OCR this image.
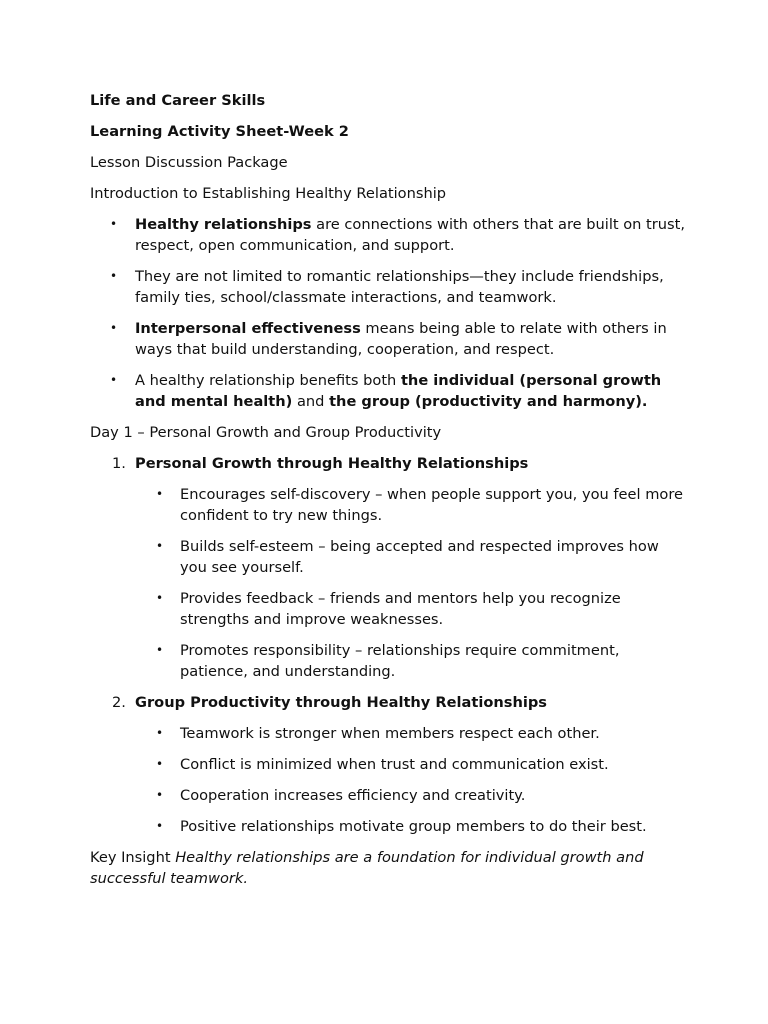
Life and Career Skills

Learning Activity Sheet-Week 2

Lesson Discussion Package

Introduction to Establishing Healthy Relationship

• Healthy relationships are connections with others that are built on trust, respect, open communication, and support.
• They are not limited to romantic relationships—they include friendships, family ties, school/classmate interactions, and teamwork.
• Interpersonal effectiveness means being able to relate with others in ways that build understanding, cooperation, and respect.
• A healthy relationship benefits both the individual (personal growth and mental health) and the group (productivity and harmony).

Day 1 – Personal Growth and Group Productivity

1. Personal Growth through Healthy Relationships
• Encourages self-discovery – when people support you, you feel more confident to try new things.
• Builds self-esteem – being accepted and respected improves how you see yourself.
• Provides feedback – friends and mentors help you recognize strengths and improve weaknesses.
• Promotes responsibility – relationships require commitment, patience, and understanding.
2. Group Productivity through Healthy Relationships
• Teamwork is stronger when members respect each other.
• Conflict is minimized when trust and communication exist.
• Cooperation increases efficiency and creativity.
• Positive relationships motivate group members to do their best.

Key Insight Healthy relationships are a foundation for individual growth and successful teamwork.
